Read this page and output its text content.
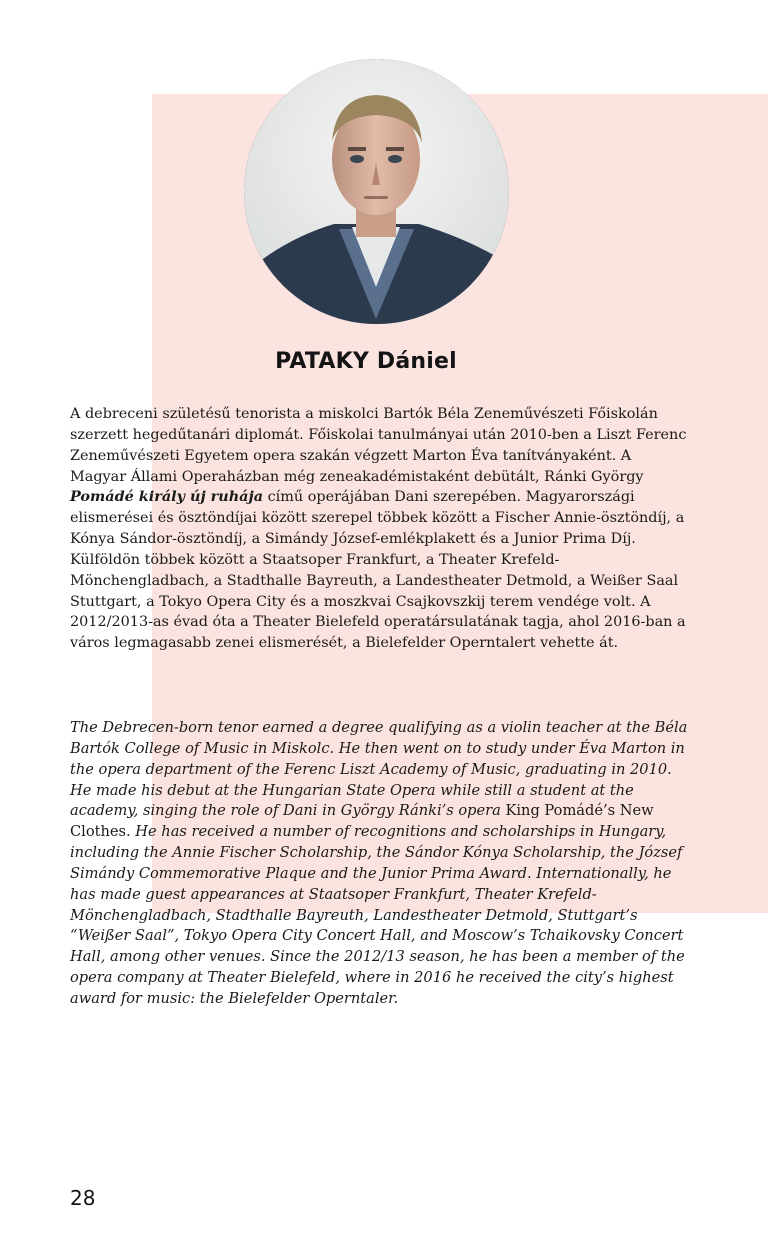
PATAKY Dániel

A debreceni születésű tenorista a miskolci Bartók Béla Zeneművészeti Főiskolán szerzett hegedűtanári diplomát. Főiskolai tanulmányai után 2010-ben a Liszt Ferenc Zeneművészeti Egyetem opera szakán végzett Marton Éva tanítványaként. A Magyar Állami Operaházban még zeneakadémistaként debütált, Ránki György Pomádé király új ruhája című operájában Dani szerepében. Magyarországi elismerései és ösztöndíjai között szerepel többek között a Fischer Annie-ösztöndíj, a Kónya Sándor-ösztöndíj, a Simándy József-emlékplakett és a Junior Prima Díj. Külföldön többek között a Staatsoper Frankfurt, a Theater Krefeld-Mönchengladbach, a Stadthalle Bayreuth, a Landestheater Detmold, a Weißer Saal Stuttgart, a Tokyo Opera City és a moszkvai Csajkovszkij terem vendége volt. A 2012/2013-as évad óta a Theater Bielefeld operatársulatának tagja, ahol 2016-ban a város legmagasabb zenei elismerését, a Bielefelder Operntalert vehette át.

The Debrecen-born tenor earned a degree qualifying as a violin teacher at the Béla Bartók College of Music in Miskolc. He then went on to study under Éva Marton in the opera department of the Ferenc Liszt Academy of Music, graduating in 2010. He made his debut at the Hungarian State Opera while still a student at the academy, singing the role of Dani in György Ránki’s opera King Pomádé’s New Clothes. He has received a number of recognitions and scholarships in Hungary, including the Annie Fischer Scholarship, the Sándor Kónya Scholarship, the József Simándy Commemorative Plaque and the Junior Prima Award. Internationally, he has made guest appearances at Staatsoper Frankfurt, Theater Krefeld-Mönchengladbach, Stadthalle Bayreuth, Landestheater Detmold, Stuttgart’s “Weißer Saal”, Tokyo Opera City Concert Hall, and Moscow’s Tchaikovsky Concert Hall, among other venues. Since the 2012/13 season, he has been a member of the opera company at Theater Bielefeld, where in 2016 he received the city’s highest award for music: the Bielefelder Operntaler.

28
